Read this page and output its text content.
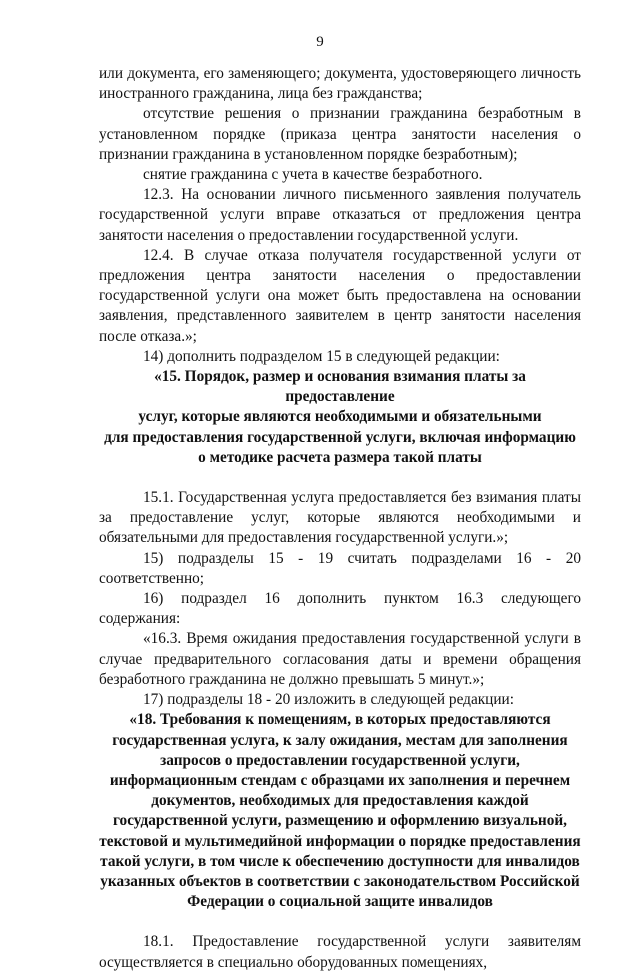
9

или документа, его заменяющего; документа, удостоверяющего личность иностранного гражданина, лица без гражданства;

отсутствие решения о признании гражданина безработным в установленном порядке (приказа центра занятости населения о признании гражданина в установленном порядке безработным);

снятие гражданина с учета в качестве безработного.

12.3. На основании личного письменного заявления получатель государственной услуги вправе отказаться от предложения центра занятости населения о предоставлении государственной услуги.

12.4. В случае отказа получателя государственной услуги от предложения центра занятости населения о предоставлении государственной услуги она может быть предоставлена на основании заявления, представленного заявителем в центр занятости населения после отказа.»;

14) дополнить подразделом 15 в следующей редакции:

«15. Порядок, размер и основания взимания платы за предоставление

услуг, которые являются необходимыми и обязательными

для предоставления государственной услуги, включая информацию

о методике расчета размера такой платы

15.1. Государственная услуга предоставляется без взимания платы за предоставление услуг, которые являются необходимыми и обязательными для предоставления государственной услуги.»;

15) подразделы 15 - 19 считать подразделами 16 - 20 соответственно;

16) подраздел 16 дополнить пунктом 16.3 следующего содержания:

«16.3. Время ожидания предоставления государственной услуги в случае предварительного согласования даты и времени обращения безработного гражданина не должно превышать 5 минут.»;

17) подразделы 18 - 20 изложить в следующей редакции:

«18. Требования к помещениям, в которых предоставляются

государственная услуга, к залу ожидания, местам для заполнения

запросов о предоставлении государственной услуги,

информационным стендам с образцами их заполнения и перечнем

документов, необходимых для предоставления каждой

государственной услуги, размещению и оформлению визуальной,

текстовой и мультимедийной информации о порядке предоставления

такой услуги, в том числе к обеспечению доступности для инвалидов

указанных объектов в соответствии с законодательством Российской

Федерации о социальной защите инвалидов

18.1. Предоставление государственной услуги заявителям осуществляется в специально оборудованных помещениях,
